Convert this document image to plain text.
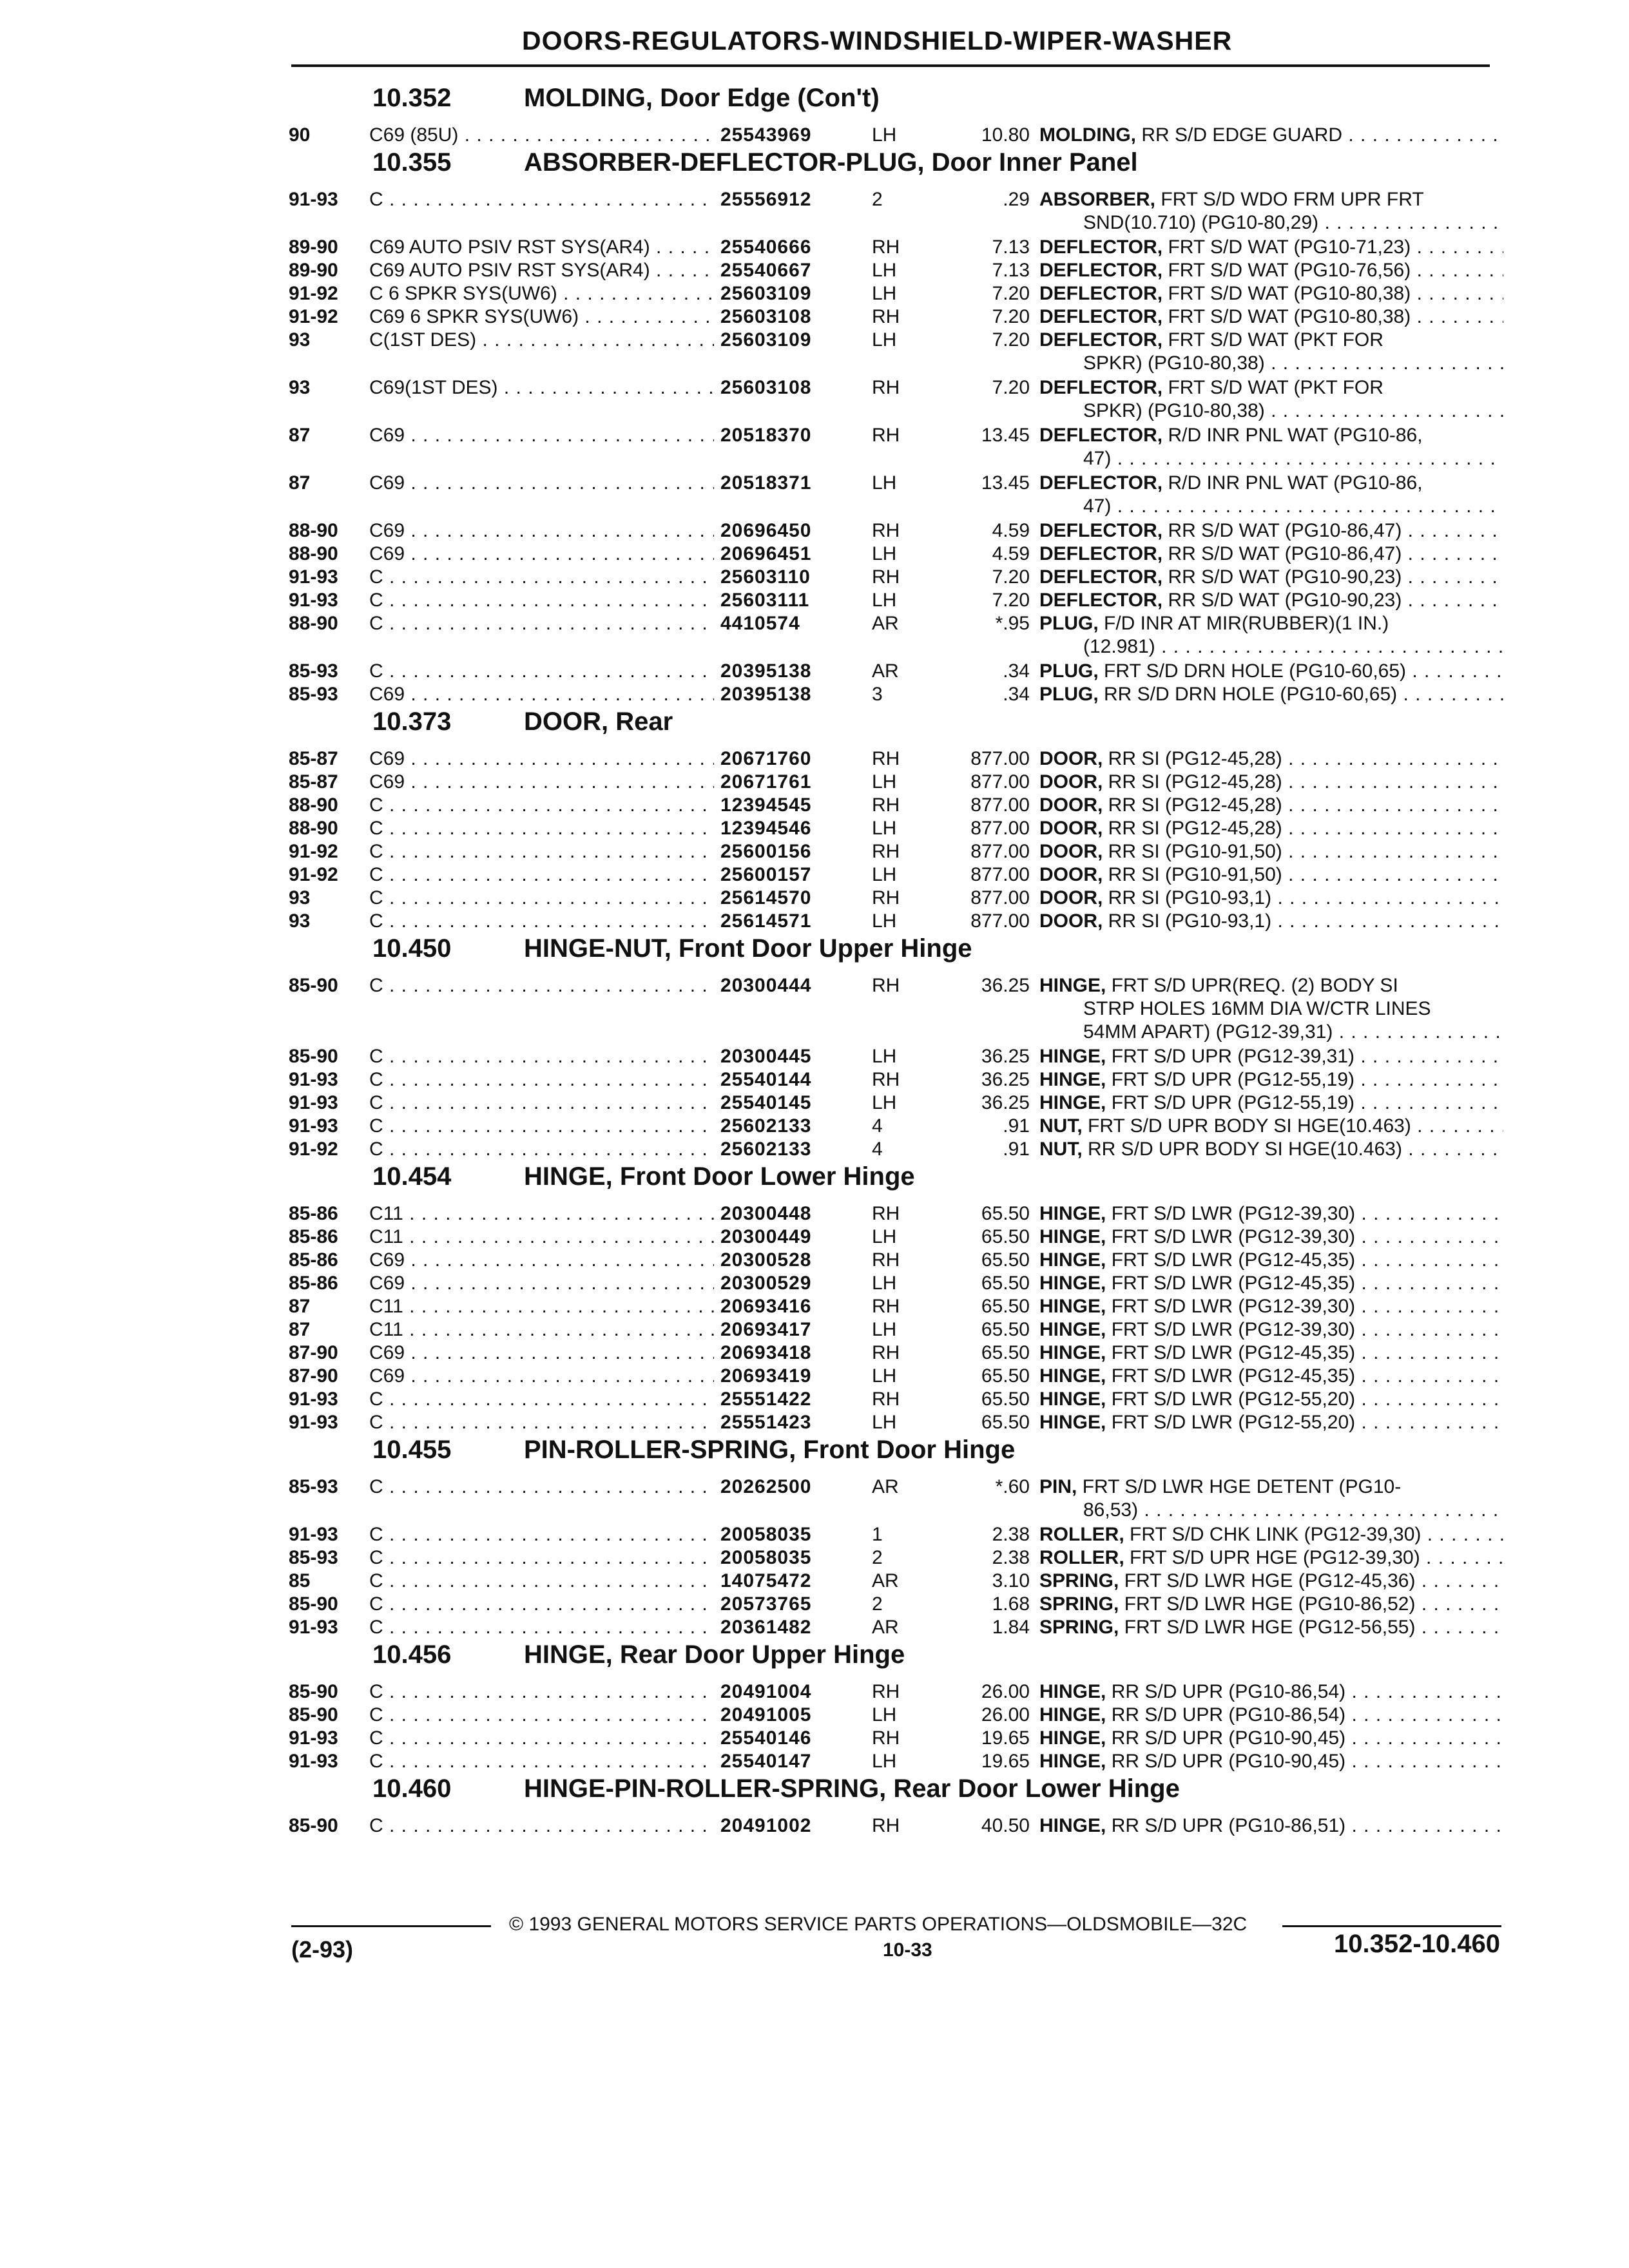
DOORS-REGULATORS-WINDSHIELD-WIPER-WASHER
10.352	MOLDING, Door Edge (Con't)
90	C69 (85U) . . .	25543969	LH	10.80 MOLDING, RR S/D EDGE GUARD . . .
10.355	ABSORBER-DEFLECTOR-PLUG, Door Inner Panel
91-93	C . . .	25556912	2	.29 ABSORBER, FRT S/D WDO FRM UPR FRT
SND(10.710) (PG10-80,29) . . .
89-90	C69 AUTO PSIV RST SYS(AR4) . . .	25540666	RH	7.13 DEFLECTOR, FRT S/D WAT (PG10-71,23) . . .
89-90	C69 AUTO PSIV RST SYS(AR4) . . .	25540667	LH	7.13 DEFLECTOR, FRT S/D WAT (PG10-76,56) . . .
91-92	C 6 SPKR SYS(UW6) . . .	25603109	LH	7.20 DEFLECTOR, FRT S/D WAT (PG10-80,38) . . .
91-92	C69 6 SPKR SYS(UW6) . . .	25603108	RH	7.20 DEFLECTOR, FRT S/D WAT (PG10-80,38) . . .
93	C(1ST DES) . . .	25603109	LH	7.20 DEFLECTOR, FRT S/D WAT (PKT FOR
SPKR) (PG10-80,38) . . .
93	C69(1ST DES) . . .	25603108	RH	7.20 DEFLECTOR, FRT S/D WAT (PKT FOR
SPKR) (PG10-80,38) . . .
87	C69 . . .	20518370	RH	13.45 DEFLECTOR, R/D INR PNL WAT (PG10-86,
47) . . .
87	C69 . . .	20518371	LH	13.45 DEFLECTOR, R/D INR PNL WAT (PG10-86,
47) . . .
88-90	C69 . . .	20696450	RH	4.59 DEFLECTOR, RR S/D WAT (PG10-86,47) . . .
88-90	C69 . . .	20696451	LH	4.59 DEFLECTOR, RR S/D WAT (PG10-86,47) . . .
91-93	C . . .	25603110	RH	7.20 DEFLECTOR, RR S/D WAT (PG10-90,23) . . .
91-93	C . . .	25603111	LH	7.20 DEFLECTOR, RR S/D WAT (PG10-90,23) . . .
88-90	C . . .	4410574	AR	*.95 PLUG, F/D INR AT MIR(RUBBER)(1 IN.)
(12.981) . . .
85-93	C . . .	20395138	AR	.34 PLUG, FRT S/D DRN HOLE (PG10-60,65) . . .
85-93	C69 . . .	20395138	3	.34 PLUG, RR S/D DRN HOLE (PG10-60,65) . . .
10.373	DOOR, Rear
85-87	C69 . . .	20671760	RH	877.00 DOOR, RR SI (PG12-45,28) . . .
85-87	C69 . . .	20671761	LH	877.00 DOOR, RR SI (PG12-45,28) . . .
88-90	C . . .	12394545	RH	877.00 DOOR, RR SI (PG12-45,28) . . .
88-90	C . . .	12394546	LH	877.00 DOOR, RR SI (PG12-45,28) . . .
91-92	C . . .	25600156	RH	877.00 DOOR, RR SI (PG10-91,50) . . .
91-92	C . . .	25600157	LH	877.00 DOOR, RR SI (PG10-91,50) . . .
93	C . . .	25614570	RH	877.00 DOOR, RR SI (PG10-93,1) . . .
93	C . . .	25614571	LH	877.00 DOOR, RR SI (PG10-93,1) . . .
10.450	HINGE-NUT, Front Door Upper Hinge
85-90	C . . .	20300444	RH	36.25 HINGE, FRT S/D UPR(REQ. (2) BODY SI
STRP HOLES 16MM DIA W/CTR LINES
54MM APART) (PG12-39,31) . . .
85-90	C . . .	20300445	LH	36.25 HINGE, FRT S/D UPR (PG12-39,31) . . .
91-93	C . . .	25540144	RH	36.25 HINGE, FRT S/D UPR (PG12-55,19) . . .
91-93	C . . .	25540145	LH	36.25 HINGE, FRT S/D UPR (PG12-55,19) . . .
91-93	C . . .	25602133	4	.91 NUT, FRT S/D UPR BODY SI HGE(10.463) . . .
91-92	C . . .	25602133	4	.91 NUT, RR S/D UPR BODY SI HGE(10.463) . . .
10.454	HINGE, Front Door Lower Hinge
85-86	C11 . . .	20300448	RH	65.50 HINGE, FRT S/D LWR (PG12-39,30) . . .
85-86	C11 . . .	20300449	LH	65.50 HINGE, FRT S/D LWR (PG12-39,30) . . .
85-86	C69 . . .	20300528	RH	65.50 HINGE, FRT S/D LWR (PG12-45,35) . . .
85-86	C69 . . .	20300529	LH	65.50 HINGE, FRT S/D LWR (PG12-45,35) . . .
87	C11 . . .	20693416	RH	65.50 HINGE, FRT S/D LWR (PG12-39,30) . . .
87	C11 . . .	20693417	LH	65.50 HINGE, FRT S/D LWR (PG12-39,30) . . .
87-90	C69 . . .	20693418	RH	65.50 HINGE, FRT S/D LWR (PG12-45,35) . . .
87-90	C69 . . .	20693419	LH	65.50 HINGE, FRT S/D LWR (PG12-45,35) . . .
91-93	C . . .	25551422	RH	65.50 HINGE, FRT S/D LWR (PG12-55,20) . . .
91-93	C . . .	25551423	LH	65.50 HINGE, FRT S/D LWR (PG12-55,20) . . .
10.455	PIN-ROLLER-SPRING, Front Door Hinge
85-93	C . . .	20262500	AR	*.60 PIN, FRT S/D LWR HGE DETENT (PG10-
86,53) . . .
91-93	C . . .	20058035	1	2.38 ROLLER, FRT S/D CHK LINK (PG12-39,30) . . .
85-93	C . . .	20058035	2	2.38 ROLLER, FRT S/D UPR HGE (PG12-39,30) . . .
85	C . . .	14075472	AR	3.10 SPRING, FRT S/D LWR HGE (PG12-45,36) . . .
85-90	C . . .	20573765	2	1.68 SPRING, FRT S/D LWR HGE (PG10-86,52) . . .
91-93	C . . .	20361482	AR	1.84 SPRING, FRT S/D LWR HGE (PG12-56,55) . . .
10.456	HINGE, Rear Door Upper Hinge
85-90	C . . .	20491004	RH	26.00 HINGE, RR S/D UPR (PG10-86,54) . . .
85-90	C . . .	20491005	LH	26.00 HINGE, RR S/D UPR (PG10-86,54) . . .
91-93	C . . .	25540146	RH	19.65 HINGE, RR S/D UPR (PG10-90,45) . . .
91-93	C . . .	25540147	LH	19.65 HINGE, RR S/D UPR (PG10-90,45) . . .
10.460	HINGE-PIN-ROLLER-SPRING, Rear Door Lower Hinge
85-90	C . . .	20491002	RH	40.50 HINGE, RR S/D UPR (PG10-86,51) . . .
© 1993 GENERAL MOTORS SERVICE PARTS OPERATIONS—OLDSMOBILE—32C
(2-93)	10-33	10.352-10.460
